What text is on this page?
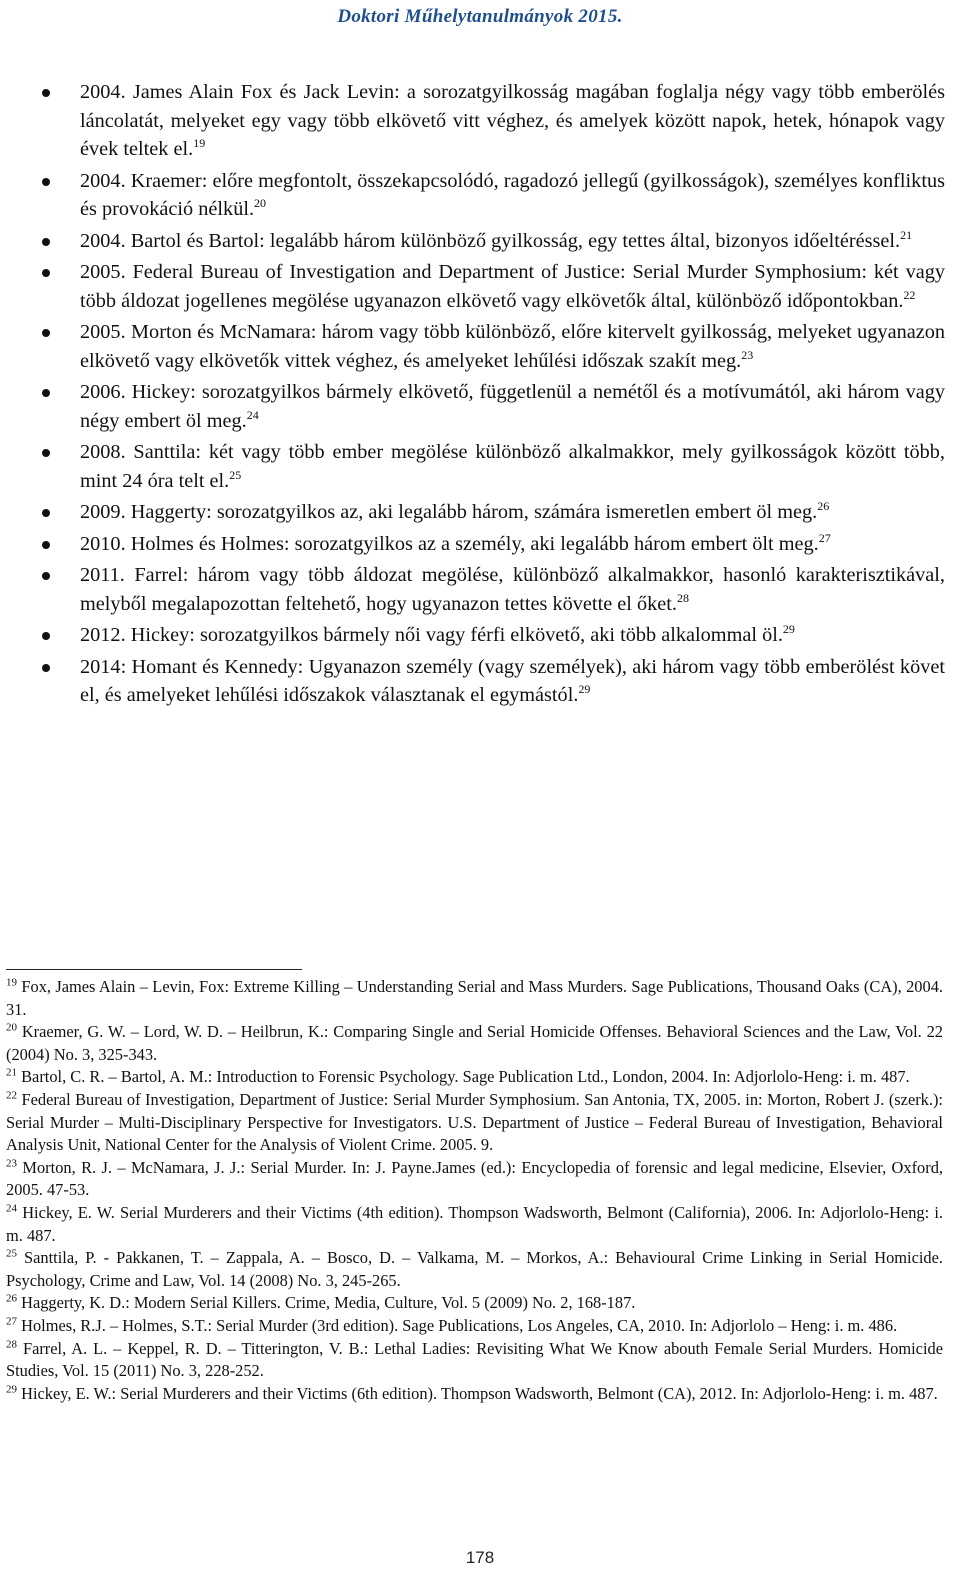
Doktori Műhelytanulmányok 2015.
2004. James Alain Fox és Jack Levin: a sorozatgyilkosság magában foglalja négy vagy több emberölés láncolatát, melyeket egy vagy több elkövető vitt véghez, és amelyek között napok, hetek, hónapok vagy évek teltek el.$^{19}$
2004. Kraemer: előre megfontolt, összekapcsolódó, ragadozó jellegű (gyilkosságok), személyes konfliktus és provokáció nélkül.$^{20}$
2004. Bartol és Bartol: legalább három különböző gyilkosság, egy tettes által, bizonyos időeltéréssel.$^{21}$
2005. Federal Bureau of Investigation and Department of Justice: Serial Murder Symphosium: két vagy több áldozat jogellenes megölése ugyanazon elkövető vagy elkövetők által, különböző időpontokban.$^{22}$
2005. Morton és McNamara: három vagy több különböző, előre kitervelt gyilkosság, melyeket ugyanazon elkövető vagy elkövetők vittek véghez, és amelyeket lehűlési időszak szakít meg.$^{23}$
2006. Hickey: sorozatgyilkos bármely elkövető, függetlenül a nemétől és a motívumától, aki három vagy négy embert öl meg.$^{24}$
2008. Santtila: két vagy több ember megölése különböző alkalmakkor, mely gyilkosságok között több, mint 24 óra telt el.$^{25}$
2009. Haggerty: sorozatgyilkos az, aki legalább három, számára ismeretlen embert öl meg.$^{26}$
2010. Holmes és Holmes: sorozatgyilkos az a személy, aki legalább három embert ölt meg.$^{27}$
2011. Farrel: három vagy több áldozat megölése, különböző alkalmakkor, hasonló karakterisztikával, melyből megalapozottan feltehető, hogy ugyanazon tettes követte el őket.$^{28}$
2012. Hickey: sorozatgyilkos bármely női vagy férfi elkövető, aki több alkalommal öl.$^{29}$
2014: Homant és Kennedy: Ugyanazon személy (vagy személyek), aki három vagy több emberölést követ el, és amelyeket lehűlési időszakok választanak el egymástól.$^{29}$

$^{19}$ Fox, James Alain – Levin, Fox: Extreme Killing – Understanding Serial and Mass Murders. Sage Publications, Thousand Oaks (CA), 2004. 31.

$^{20}$ Kraemer, G. W. – Lord, W. D. – Heilbrun, K.: Comparing Single and Serial Homicide Offenses. Behavioral Sciences and the Law, Vol. 22 (2004) No. 3, 325-343.

$^{21}$ Bartol, C. R. – Bartol, A. M.: Introduction to Forensic Psychology. Sage Publication Ltd., London, 2004. In: Adjorlolo-Heng: i. m. 487.

$^{22}$ Federal Bureau of Investigation, Department of Justice: Serial Murder Symphosium. San Antonia, TX, 2005. in: Morton, Robert J. (szerk.): Serial Murder – Multi-Disciplinary Perspective for Investigators. U.S. Department of Justice – Federal Bureau of Investigation, Behavioral Analysis Unit, National Center for the Analysis of Violent Crime. 2005. 9.

$^{23}$ Morton, R. J. – McNamara, J. J.: Serial Murder. In: J. Payne.James (ed.): Encyclopedia of forensic and legal medicine, Elsevier, Oxford, 2005. 47-53.

$^{24}$ Hickey, E. W. Serial Murderers and their Victims (4th edition). Thompson Wadsworth, Belmont (California), 2006. In: Adjorlolo-Heng: i. m. 487.

$^{25}$ Santtila, P. - Pakkanen, T. – Zappala, A. – Bosco, D. – Valkama, M. – Morkos, A.: Behavioural Crime Linking in Serial Homicide. Psychology, Crime and Law, Vol. 14 (2008) No. 3, 245-265.

$^{26}$ Haggerty, K. D.: Modern Serial Killers. Crime, Media, Culture, Vol. 5 (2009) No. 2, 168-187.

$^{27}$ Holmes, R.J. – Holmes, S.T.: Serial Murder (3rd edition). Sage Publications, Los Angeles, CA, 2010. In: Adjorlolo – Heng: i. m. 486.

$^{28}$ Farrel, A. L. – Keppel, R. D. – Titterington, V. B.: Lethal Ladies: Revisiting What We Know abouth Female Serial Murders. Homicide Studies, Vol. 15 (2011) No. 3, 228-252.

$^{29}$ Hickey, E. W.: Serial Murderers and their Victims (6th edition). Thompson Wadsworth, Belmont (CA), 2012. In: Adjorlolo-Heng: i. m. 487.

178
